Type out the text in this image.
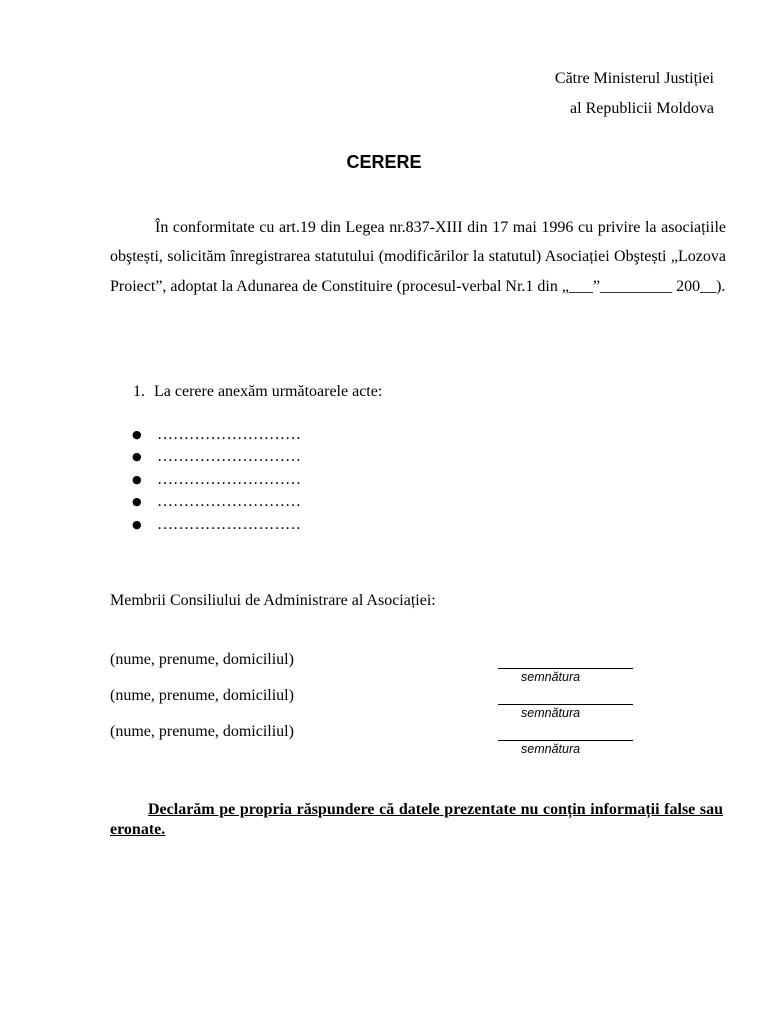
Către Ministerul Justiției
al Republicii Moldova
CERERE

În conformitate cu art.19 din Legea nr.837-XIII din 17 mai 1996 cu privire la asociațiile obştești, solicităm înregistrarea statutului (modificărilor la statutul) Asociației Obştești „Lozova Proiect”, adoptat la Adunarea de Constituire (procesul-verbal Nr.1 din „___”_________ 200__).

1. La cerere anexăm următoarele acte:
● ………………………
● ………………………
● ………………………
● ………………………
● ………………………
Membrii Consiliului de Administrare al Asociației:
(nume, prenume, domiciliul)
semnătura
(nume, prenume, domiciliul)
semnătura
(nume, prenume, domiciliul)
semnătura

Declarăm pe propria răspundere că datele prezentate nu conțin informații false sau eronate.
